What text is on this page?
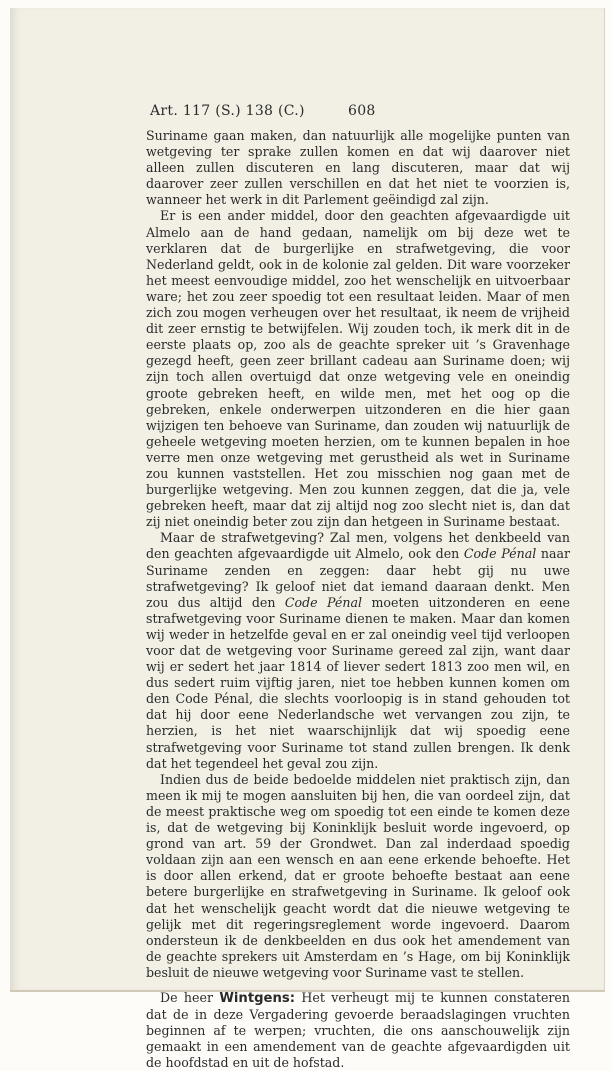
Art. 117 (S.) 138 (C.)	608

Suriname gaan maken, dan natuurlijk alle mogelijke punten van wetgeving ter sprake zullen komen en dat wij daarover niet alleen zullen discuteren en lang discuteren, maar dat wij daarover zeer zullen verschillen en dat het niet te voorzien is, wanneer het werk in dit Parlement geëindigd zal zijn.

Er is een ander middel, door den geachten afgevaardigde uit Almelo aan de hand gedaan, namelijk om bij deze wet te verklaren dat de burgerlijke en strafwetgeving, die voor Nederland geldt, ook in de kolonie zal gelden. Dit ware voorzeker het meest eenvoudige middel, zoo het wenschelijk en uitvoerbaar ware; het zou zeer spoedig tot een resultaat leiden. Maar of men zich zou mogen verheugen over het resultaat, ik neem de vrijheid dit zeer ernstig te betwijfelen. Wij zouden toch, ik merk dit in de eerste plaats op, zoo als de geachte spreker uit ’s Gravenhage gezegd heeft, geen zeer brillant cadeau aan Suriname doen; wij zijn toch allen overtuigd dat onze wetgeving vele en oneindig groote gebreken heeft, en wilde men, met het oog op die gebreken, enkele onderwerpen uitzonderen en die hier gaan wijzigen ten behoeve van Suriname, dan zouden wij natuurlijk de geheele wetgeving moeten herzien, om te kunnen bepalen in hoe verre men onze wetgeving met gerustheid als wet in Suriname zou kunnen vaststellen. Het zou misschien nog gaan met de burgerlijke wetgeving. Men zou kunnen zeggen, dat die ja, vele gebreken heeft, maar dat zij altijd nog zoo slecht niet is, dan dat zij niet oneindig beter zou zijn dan hetgeen in Suriname bestaat.

Maar de strafwetgeving? Zal men, volgens het denkbeeld van den geachten afgevaardigde uit Almelo, ook den Code Pénal naar Suriname zenden en zeggen: daar hebt gij nu uwe strafwetgeving? Ik geloof niet dat iemand daaraan denkt. Men zou dus altijd den Code Pénal moeten uitzonderen en eene strafwetgeving voor Suriname dienen te maken. Maar dan komen wij weder in hetzelfde geval en er zal oneindig veel tijd verloopen voor dat de wetgeving voor Suriname gereed zal zijn, want daar wij er sedert het jaar 1814 of liever sedert 1813 zoo men wil, en dus sedert ruim vijftig jaren, niet toe hebben kunnen komen om den Code Pénal, die slechts voorloopig is in stand gehouden tot dat hij door eene Nederlandsche wet vervangen zou zijn, te herzien, is het niet waarschijnlijk dat wij spoedig eene strafwetgeving voor Suriname tot stand zullen brengen. Ik denk dat het tegendeel het geval zou zijn.

Indien dus de beide bedoelde middelen niet praktisch zijn, dan meen ik mij te mogen aansluiten bij hen, die van oordeel zijn, dat de meest praktische weg om spoedig tot een einde te komen deze is, dat de wetgeving bij Koninklijk besluit worde ingevoerd, op grond van art. 59 der Grondwet. Dan zal inderdaad spoedig voldaan zijn aan een wensch en aan eene erkende behoefte. Het is door allen erkend, dat er groote behoefte bestaat aan eene betere burgerlijke en strafwetgeving in Suriname. Ik geloof ook dat het wenschelijk geacht wordt dat die nieuwe wetgeving te gelijk met dit regeringsreglement worde ingevoerd. Daarom ondersteun ik de denkbeelden en dus ook het amendement van de geachte sprekers uit Amsterdam en ’s Hage, om bij Koninklijk besluit de nieuwe wetgeving voor Suriname vast te stellen.

De heer Wintgens: Het verheugt mij te kunnen constateren dat de in deze Vergadering gevoerde beraadslagingen vruchten beginnen af te werpen; vruchten, die ons aanschouwelijk zijn gemaakt in een amendement van de geachte afgevaardigden uit de hoofdstad en uit de hofstad.
